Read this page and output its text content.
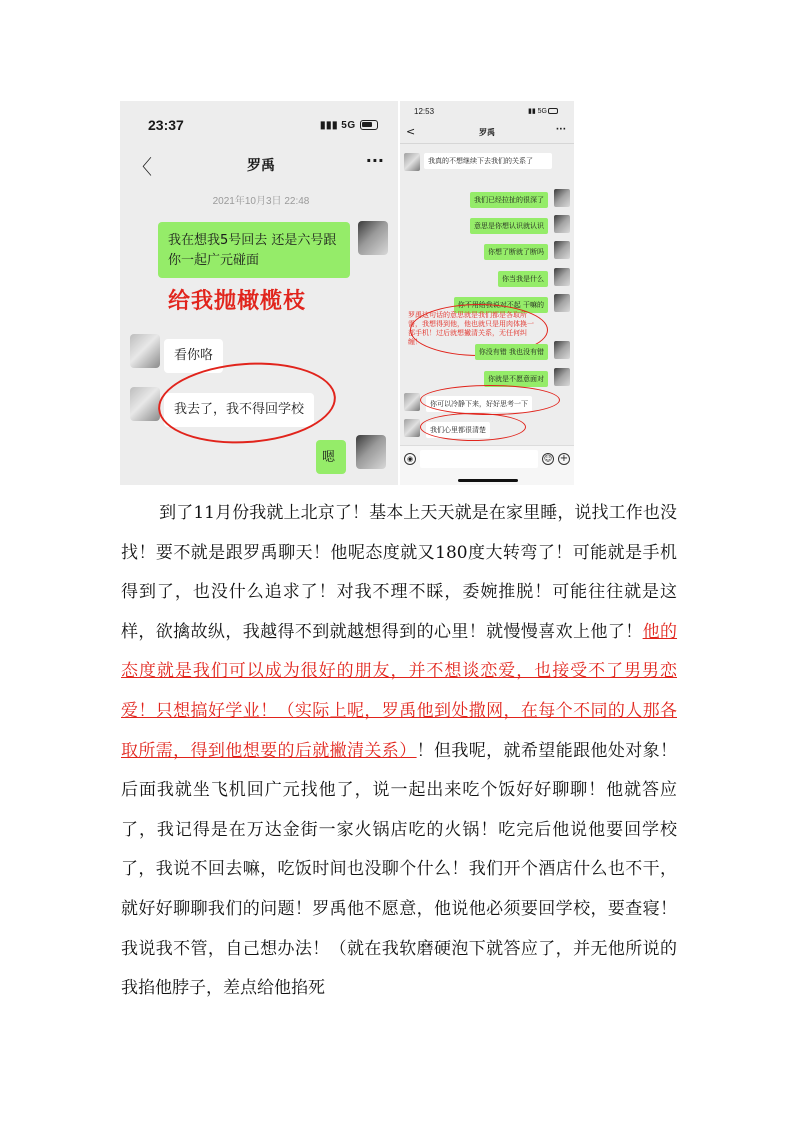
23:37	▮▮▮ 5G
〈	罗禹	···
2021年10月3日 22:48
我在想我5号回去 还是六号跟你一起广元碰面
给我抛橄榄枝
看你咯
我去了，我不得回学校
嗯
12:53	▮▮ 5G
<	罗禹	···
我真的不想继续下去我们的关系了
我们已经拉扯的很深了
意思是你想认识就认识
你想了断就了断吗
你当我是什么
你不用给我说对不起 干嘛的
罗禹这句话的意思就是我们都是各取所需，我想得到他，他也就只是用肉体换一部手机！过后就想撇清关系，无任何纠缠！
你没有错 我也没有错
你就是不愿意面对
你可以冷静下来，好好思考一下
我们心里都很清楚
◉	☺ +
到了11月份我就上北京了！基本上天天就是在家里睡，说找工作也没找！要不就是跟罗禹聊天！他呢态度就又180度大转弯了！可能就是手机得到了，也没什么追求了！对我不理不睬，委婉推脱！可能往往就是这样，欲擒故纵，我越得不到就越想得到的心里！就慢慢喜欢上他了！他的态度就是我们可以成为很好的朋友，并不想谈恋爱，也接受不了男男恋爱！只想搞好学业！（实际上呢，罗禹他到处撒网，在每个不同的人那各取所需，得到他想要的后就撇清关系）！但我呢，就希望能跟他处对象！后面我就坐飞机回广元找他了，说一起出来吃个饭好好聊聊！他就答应了，我记得是在万达金街一家火锅店吃的火锅！吃完后他说他要回学校了，我说不回去嘛，吃饭时间也没聊个什么！我们开个酒店什么也不干，就好好聊聊我们的问题！罗禹他不愿意，他说他必须要回学校，要查寝！我说我不管，自己想办法！（就在我软磨硬泡下就答应了，并无他所说的我掐他脖子，差点给他掐死
